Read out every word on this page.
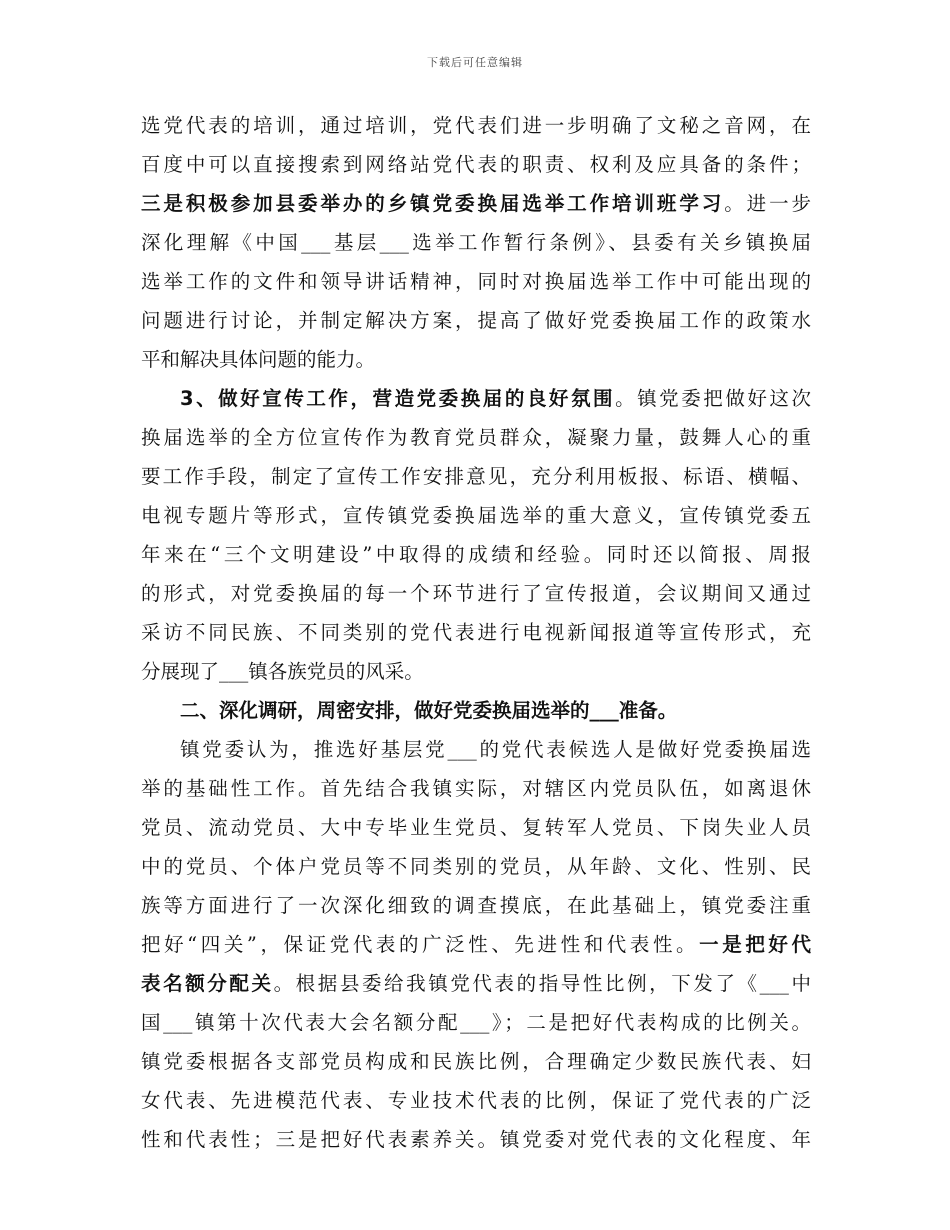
下载后可任意编辑
选党代表的培训，通过培训，党代表们进一步明确了文秘之音网，在
百度中可以直接搜索到网络站党代表的职责、权利及应具备的条件；
三是积极参加县委举办的乡镇党委换届选举工作培训班学习。进一步
深化理解《中国___基层___选举工作暂行条例》、县委有关乡镇换届
选举工作的文件和领导讲话精神，同时对换届选举工作中可能出现的
问题进行讨论，并制定解决方案，提高了做好党委换届工作的政策水
平和解决具体问题的能力。
3、做好宣传工作，营造党委换届的良好氛围。镇党委把做好这次
换届选举的全方位宣传作为教育党员群众，凝聚力量，鼓舞人心的重
要工作手段，制定了宣传工作安排意见，充分利用板报、标语、横幅、
电视专题片等形式，宣传镇党委换届选举的重大意义，宣传镇党委五
年来在“三个文明建设”中取得的成绩和经验。同时还以简报、周报
的形式，对党委换届的每一个环节进行了宣传报道，会议期间又通过
采访不同民族、不同类别的党代表进行电视新闻报道等宣传形式，充
分展现了___镇各族党员的风采。
二、深化调研，周密安排，做好党委换届选举的___准备。
镇党委认为，推选好基层党___的党代表候选人是做好党委换届选
举的基础性工作。首先结合我镇实际，对辖区内党员队伍，如离退休
党员、流动党员、大中专毕业生党员、复转军人党员、下岗失业人员
中的党员、个体户党员等不同类别的党员，从年龄、文化、性别、民
族等方面进行了一次深化细致的调查摸底，在此基础上，镇党委注重
把好“四关”，保证党代表的广泛性、先进性和代表性。一是把好代
表名额分配关。根据县委给我镇党代表的指导性比例，下发了《___中
国___镇第十次代表大会名额分配___》；二是把好代表构成的比例关。
镇党委根据各支部党员构成和民族比例，合理确定少数民族代表、妇
女代表、先进模范代表、专业技术代表的比例，保证了党代表的广泛
性和代表性；三是把好代表素养关。镇党委对党代表的文化程度、年
